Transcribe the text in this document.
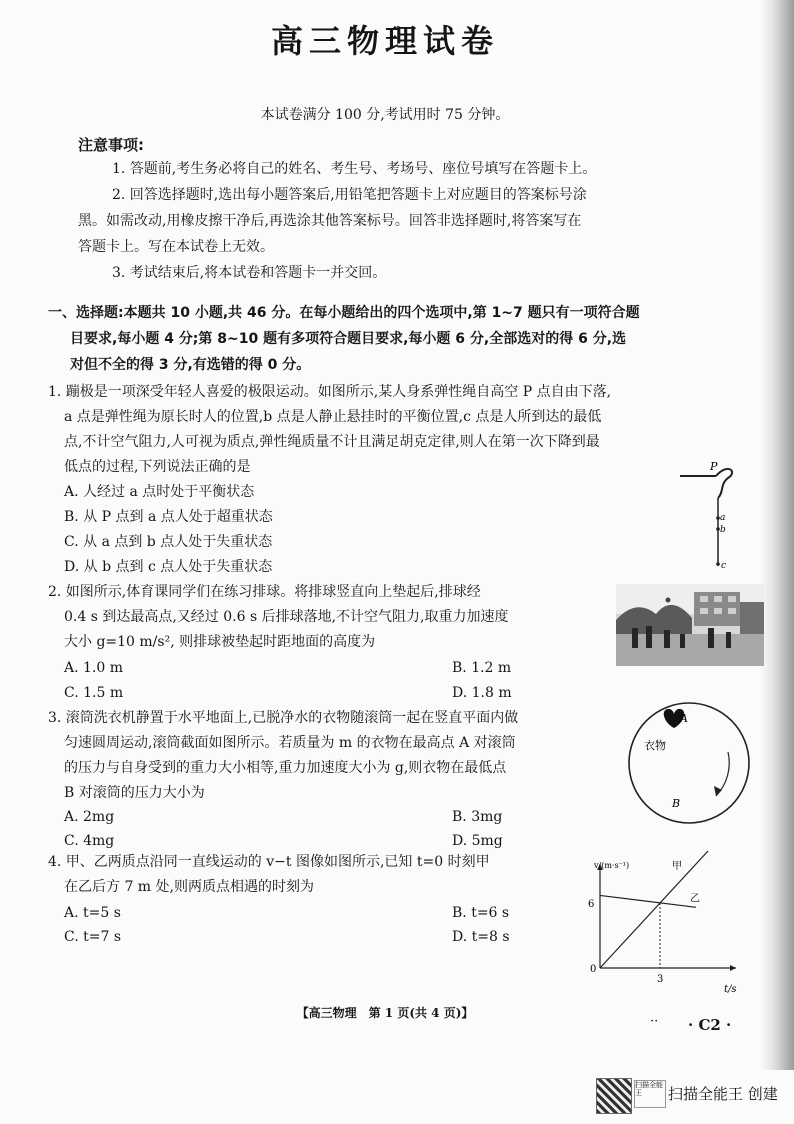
高三物理试卷
本试卷满分 100 分,考试用时 75 分钟。
注意事项:
1. 答题前,考生务必将自己的姓名、考生号、考场号、座位号填写在答题卡上。
2. 回答选择题时,选出每小题答案后,用铅笔把答题卡上对应题目的答案标号涂
黑。如需改动,用橡皮擦干净后,再选涂其他答案标号。回答非选择题时,将答案写在
答题卡上。写在本试卷上无效。
3. 考试结束后,将本试卷和答题卡一并交回。
一、选择题:本题共 10 小题,共 46 分。在每小题给出的四个选项中,第 1~7 题只有一项符合题
目要求,每小题 4 分;第 8~10 题有多项符合题目要求,每小题 6 分,全部选对的得 6 分,选
对但不全的得 3 分,有选错的得 0 分。
1. 蹦极是一项深受年轻人喜爱的极限运动。如图所示,某人身系弹性绳自高空 P 点自由下落,
a 点是弹性绳为原长时人的位置,b 点是人静止悬挂时的平衡位置,c 点是人所到达的最低
点,不计空气阻力,人可视为质点,弹性绳质量不计且满足胡克定律,则人在第一次下降到最
低点的过程,下列说法正确的是
A. 人经过 a 点时处于平衡状态
B. 从 P 点到 a 点人处于超重状态
C. 从 a 点到 b 点人处于失重状态
D. 从 b 点到 c 点人处于失重状态
P
a
b
c
2. 如图所示,体育课同学们在练习排球。将排球竖直向上垫起后,排球经
0.4 s 到达最高点,又经过 0.6 s 后排球落地,不计空气阻力,取重力加速度
大小 g=10 m/s², 则排球被垫起时距地面的高度为
A. 1.0 m	B. 1.2 m
C. 1.5 m	D. 1.8 m
3. 滚筒洗衣机静置于水平地面上,已脱净水的衣物随滚筒一起在竖直平面内做
匀速圆周运动,滚筒截面如图所示。若质量为 m 的衣物在最高点 A 对滚筒
的压力与自身受到的重力大小相等,重力加速度大小为 g,则衣物在最低点
B 对滚筒的压力大小为
A. 2mg	B. 3mg
C. 4mg	D. 5mg
A
B
衣物
4. 甲、乙两质点沿同一直线运动的 v−t 图像如图所示,已知 t=0 时刻甲
在乙后方 7 m 处,则两质点相遇的时刻为
A. t=5 s	B. t=6 s
C. t=7 s	D. t=8 s
v/(m·s⁻¹)
t/s
0
6
3
甲
乙
【高三物理　第 1 页(共 4 页)】
·· · C2 ·
扫描全能王	扫描全能王 创建
